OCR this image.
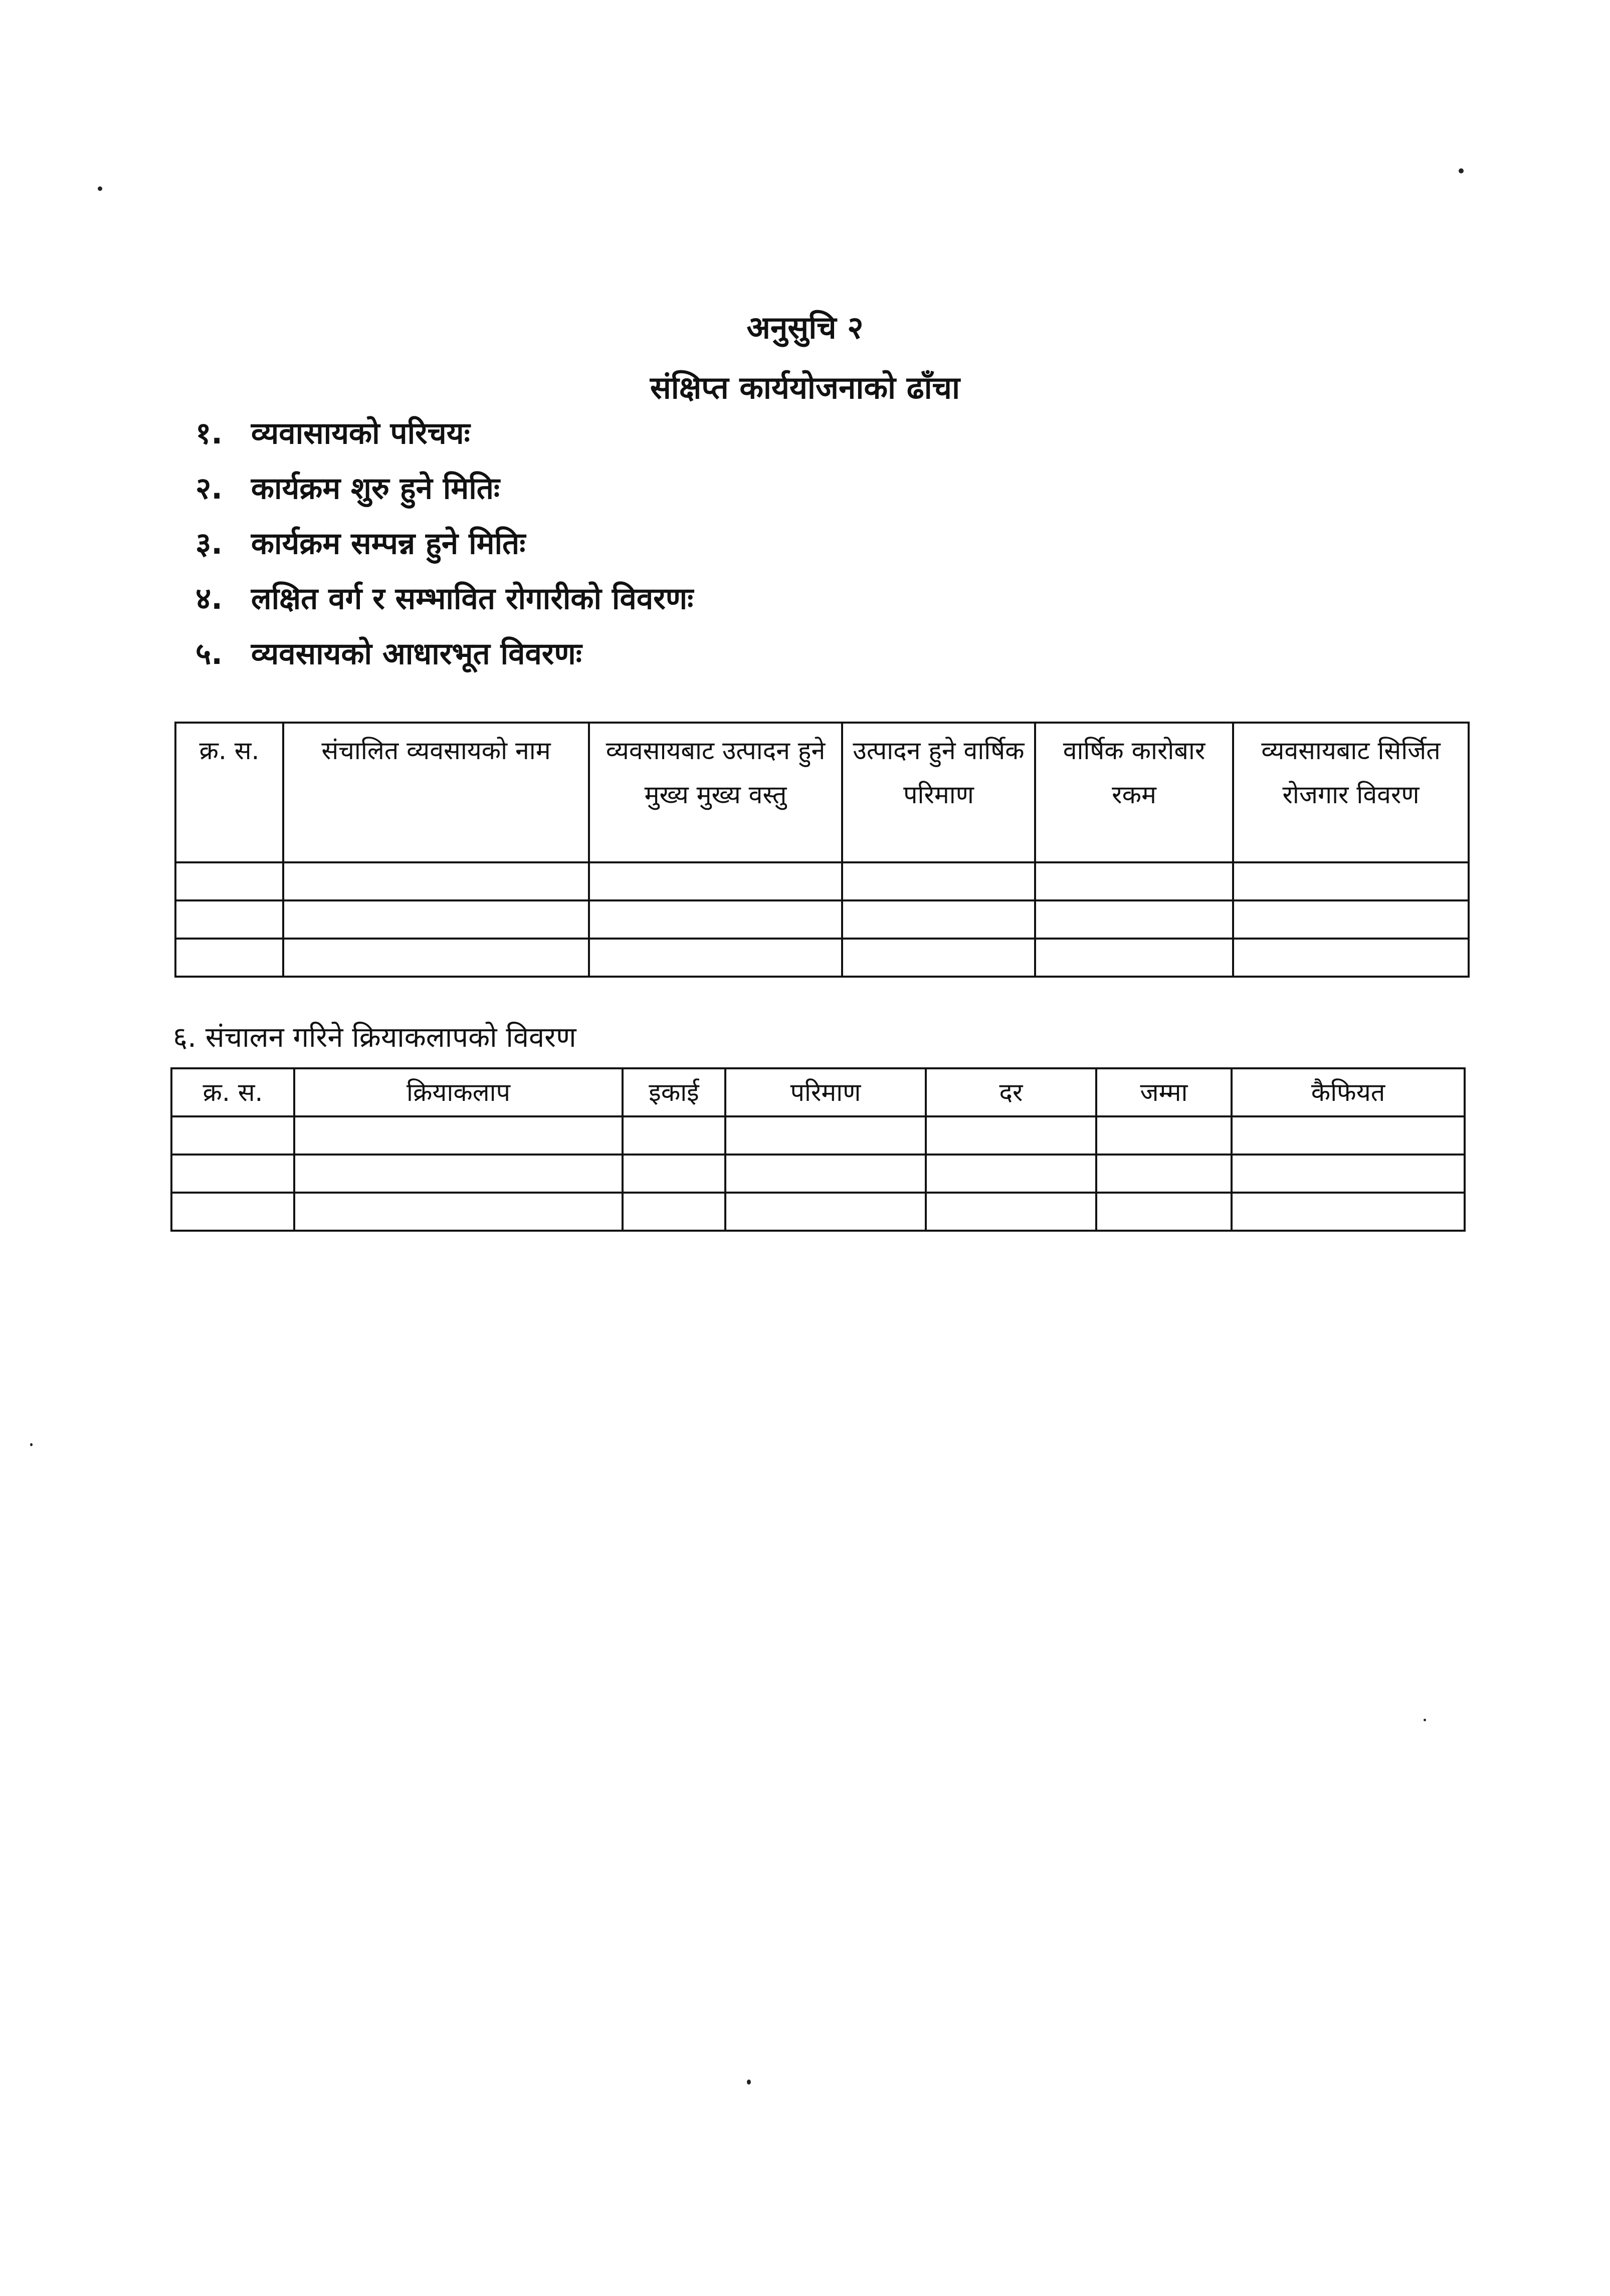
अनुसुचि २
संक्षिप्त कार्ययोजनाको ढाँचा
१. व्यवासायको परिचयः
२. कार्यक्रम शुरु हुने मितिः
३. कार्यक्रम सम्पन्न हुने मितिः
४. लक्षित वर्ग र सम्भावित रोगारीको विवरणः
५. व्यवसायको आधारभूत विवरणः
क्र. स.	संचालित व्यवसायको नाम	व्यवसायबाट उत्पादन हुने मुख्य मुख्य वस्तु	उत्पादन हुने वार्षिक परिमाण	वार्षिक कारोबार रकम	व्यवसायबाट सिर्जित रोजगार विवरण

६. संचालन गरिने क्रियाकलापको विवरण

क्र. स.	क्रियाकलाप	इकाई	परिमाण	दर	जम्मा	कैफियत
